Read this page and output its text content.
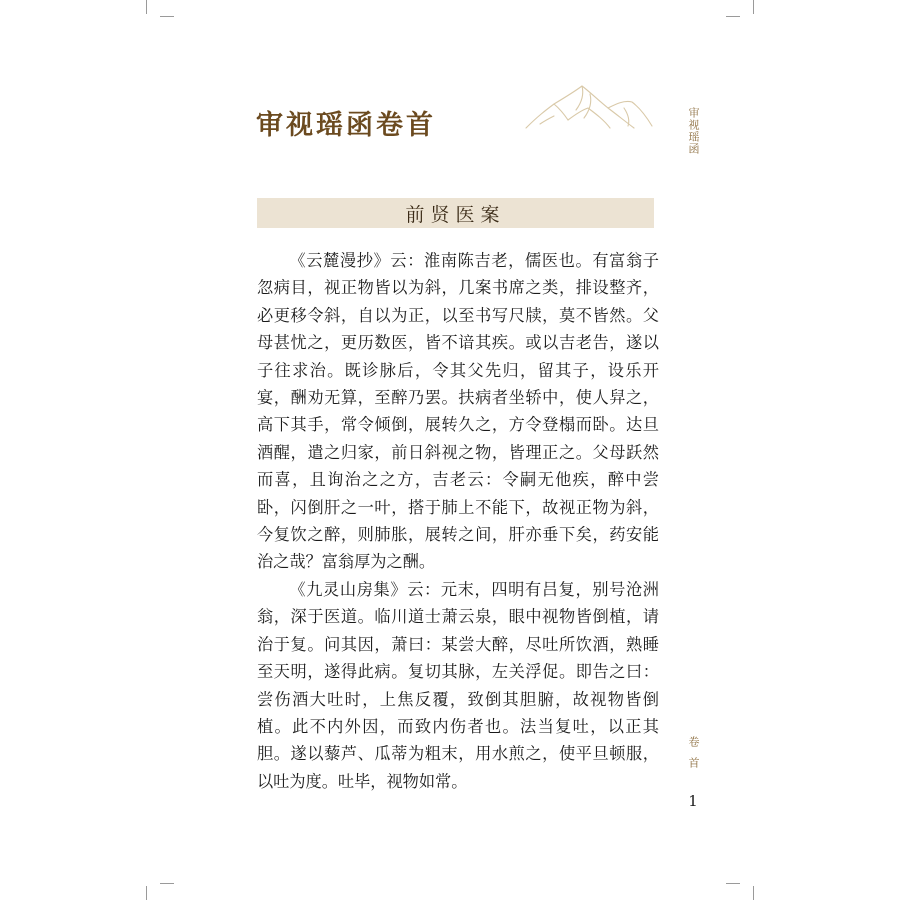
审视瑶函卷首	审视瑶函
前贤医案

《云麓漫抄》云：淮南陈吉老，儒医也。有富翁子忽病目，视正物皆以为斜，几案书席之类，排设整齐，必更移令斜，自以为正，以至书写尺牍，莫不皆然。父母甚忧之，更历数医，皆不谙其疾。或以吉老告，遂以子往求治。既诊脉后，令其父先归，留其子，设乐开宴，酬劝无算，至醉乃罢。扶病者坐轿中，使人舁之，高下其手，常令倾倒，展转久之，方令登榻而卧。达旦酒醒，遣之归家，前日斜视之物，皆理正之。父母跃然而喜，且询治之之方，吉老云：令嗣无他疾，醉中尝卧，闪倒肝之一叶，搭于肺上不能下，故视正物为斜，今复饮之醉，则肺胀，展转之间，肝亦垂下矣，药安能治之哉？富翁厚为之酬。

《九灵山房集》云：元末，四明有吕复，别号沧洲翁，深于医道。临川道士萧云泉，眼中视物皆倒植，请治于复。问其因，萧曰：某尝大醉，尽吐所饮酒，熟睡至天明，遂得此病。复切其脉，左关浮促。即告之曰：尝伤酒大吐时，上焦反覆，致倒其胆腑，故视物皆倒植。此不内外因，而致内伤者也。法当复吐，以正其胆。遂以藜芦、瓜蒂为粗末，用水煎之，使平旦顿服，以吐为度。吐毕，视物如常。

卷首
1
